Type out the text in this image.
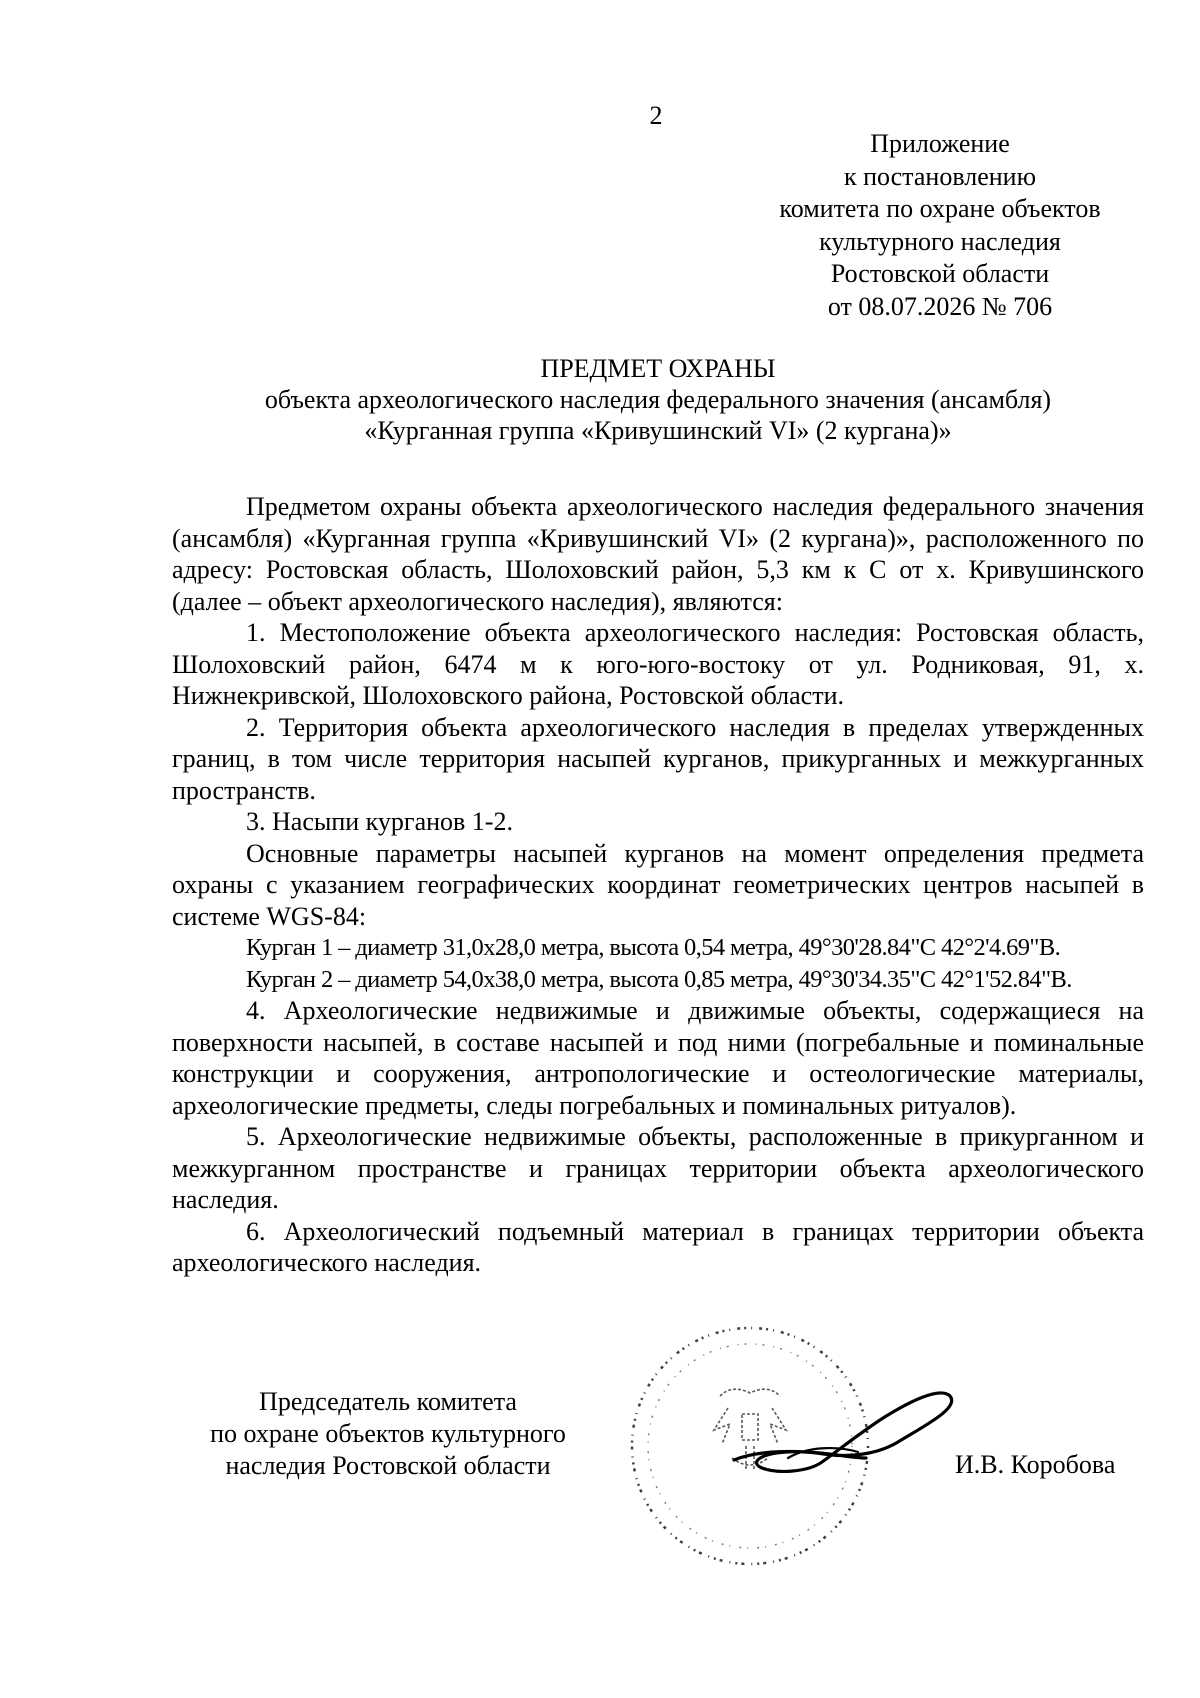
2
Приложение
к постановлению
комитета по охране объектов
культурного наследия
Ростовской области
от 08.07.2026 № 706
ПРЕДМЕТ ОХРАНЫ
объекта археологического наследия федерального значения (ансамбля)
«Курганная группа «Кривушинский VI» (2 кургана)»

Предметом охраны объекта археологического наследия федерального значения (ансамбля) «Курганная группа «Кривушинский VI» (2 кургана)», расположенного по адресу: Ростовская область, Шолоховский район, 5,3 км к С от х. Кривушинского (далее – объект археологического наследия), являются:

1. Местоположение объекта археологического наследия: Ростовская область, Шолоховский район, 6474 м к юго-юго-востоку от ул. Родниковая, 91, х. Нижнекривской, Шолоховского района, Ростовской области.

2. Территория объекта археологического наследия в пределах утвержденных границ, в том числе территория насыпей курганов, прикурганных и межкурганных пространств.

3. Насыпи курганов 1-2.

Основные параметры насыпей курганов на момент определения предмета охраны с указанием географических координат геометрических центров насыпей в системе WGS-84:

Курган 1 – диаметр 31,0х28,0 метра, высота 0,54 метра, 49°30'28.84"С 42°2'4.69"В.

Курган 2 – диаметр 54,0х38,0 метра, высота 0,85 метра, 49°30'34.35"С 42°1'52.84"В.

4. Археологические недвижимые и движимые объекты, содержащиеся на поверхности насыпей, в составе насыпей и под ними (погребальные и поминальные конструкции и сооружения, антропологические и остеологические материалы, археологические предметы, следы погребальных и поминальных ритуалов).

5. Археологические недвижимые объекты, расположенные в прикурганном и межкурганном пространстве и границах территории объекта археологического наследия.

6. Археологический подъемный материал в границах территории объекта археологического наследия.

Председатель комитета
по охране объектов культурного
наследия Ростовской области	И.В. Коробова
